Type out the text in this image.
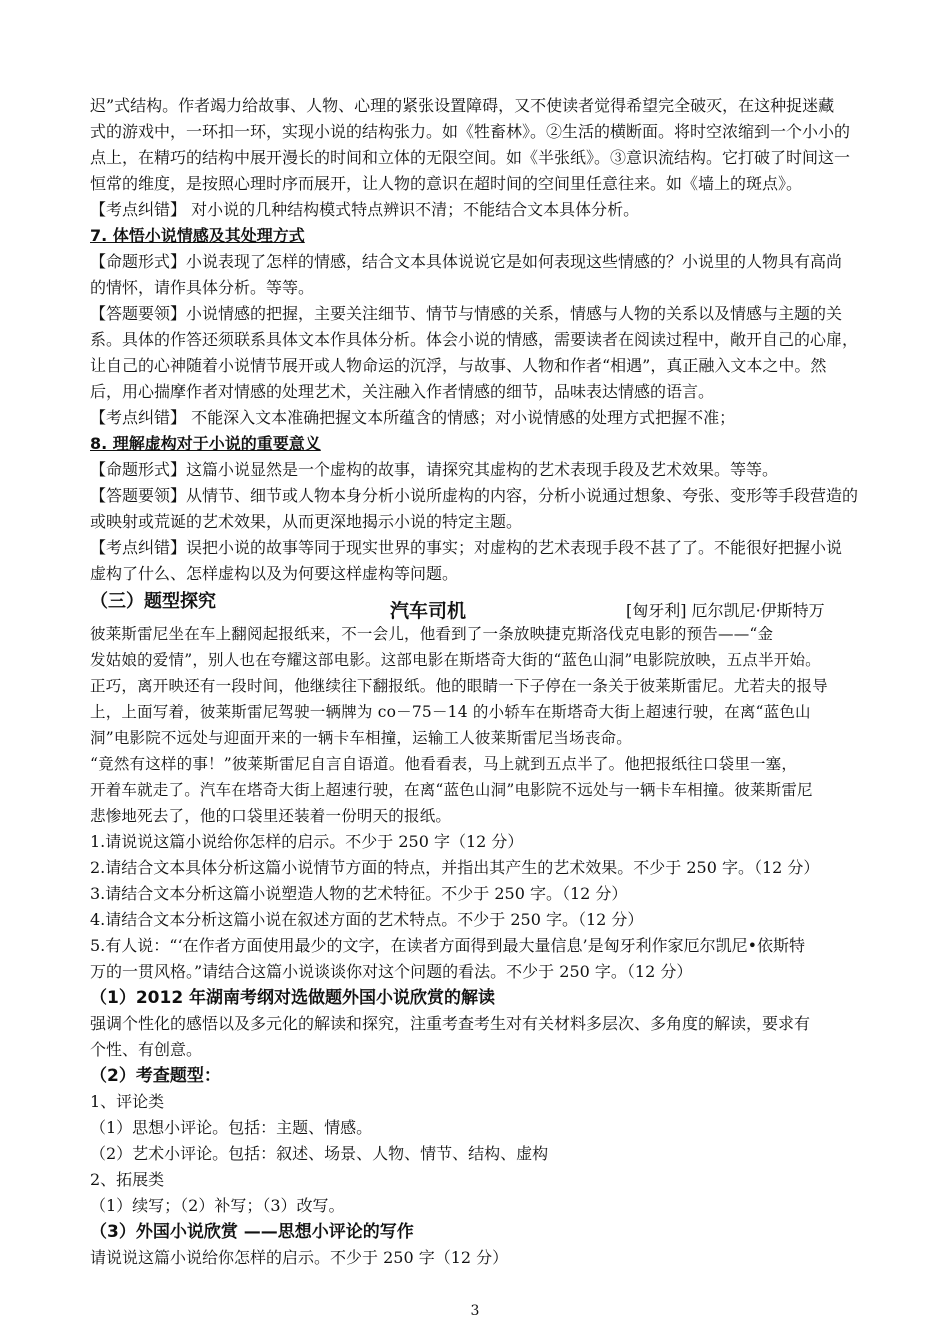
迟”式结构。作者竭力给故事、人物、心理的紧张设置障碍，又不使读者觉得希望完全破灭，在这种捉迷藏
式的游戏中，一环扣一环，实现小说的结构张力。如《牲畜林》。②生活的横断面。将时空浓缩到一个小小的
点上，在精巧的结构中展开漫长的时间和立体的无限空间。如《半张纸》。③意识流结构。它打破了时间这一
恒常的维度，是按照心理时序而展开，让人物的意识在超时间的空间里任意往来。如《墙上的斑点》。
【考点纠错】 对小说的几种结构模式特点辨识不清；不能结合文本具体分析。
7. 体悟小说情感及其处理方式
【命题形式】小说表现了怎样的情感，结合文本具体说说它是如何表现这些情感的？小说里的人物具有高尚
的情怀，请作具体分析。等等。
【答题要领】小说情感的把握，主要关注细节、情节与情感的关系，情感与人物的关系以及情感与主题的关
系。具体的作答还须联系具体文本作具体分析。体会小说的情感，需要读者在阅读过程中，敞开自己的心扉，
让自己的心神随着小说情节展开或人物命运的沉浮，与故事、人物和作者“相遇”，真正融入文本之中。然
后，用心揣摩作者对情感的处理艺术，关注融入作者情感的细节，品味表达情感的语言。
【考点纠错】 不能深入文本准确把握文本所蕴含的情感；对小说情感的处理方式把握不准；
8. 理解虚构对于小说的重要意义
【命题形式】这篇小说显然是一个虚构的故事，请探究其虚构的艺术表现手段及艺术效果。等等。
【答题要领】从情节、细节或人物本身分析小说所虚构的内容，分析小说通过想象、夸张、变形等手段营造的
或映射或荒诞的艺术效果，从而更深地揭示小说的特定主题。
【考点纠错】误把小说的故事等同于现实世界的事实；对虚构的艺术表现手段不甚了了。不能很好把握小说
虚构了什么、怎样虚构以及为何要这样虚构等问题。
（三）题型探究	汽车司机	[匈牙利] 厄尔凯尼·伊斯特万
彼莱斯雷尼坐在车上翻阅起报纸来，不一会儿，他看到了一条放映捷克斯洛伐克电影的预告——“金
发姑娘的爱情”，别人也在夸耀这部电影。这部电影在斯塔奇大街的“蓝色山洞”电影院放映，五点半开始。
正巧，离开映还有一段时间，他继续往下翻报纸。他的眼睛一下子停在一条关于彼莱斯雷尼。尤若夫的报导
上，上面写着，彼莱斯雷尼驾驶一辆牌为 co－75－14 的小轿车在斯塔奇大街上超速行驶，在离“蓝色山
洞”电影院不远处与迎面开来的一辆卡车相撞，运输工人彼莱斯雷尼当场丧命。
“竟然有这样的事！”彼莱斯雷尼自言自语道。他看看表，马上就到五点半了。他把报纸往口袋里一塞，
开着车就走了。汽车在塔奇大街上超速行驶，在离“蓝色山洞”电影院不远处与一辆卡车相撞。彼莱斯雷尼
悲惨地死去了，他的口袋里还装着一份明天的报纸。
1.请说说这篇小说给你怎样的启示。不少于 250 字（12 分）
2.请结合文本具体分析这篇小说情节方面的特点，并指出其产生的艺术效果。不少于 250 字。（12 分）
3.请结合文本分析这篇小说塑造人物的艺术特征。不少于 250 字。（12 分）
4.请结合文本分析这篇小说在叙述方面的艺术特点。不少于 250 字。（12 分）
5.有人说：“‘在作者方面使用最少的文字，在读者方面得到最大量信息’是匈牙利作家厄尔凯尼•依斯特
万的一贯风格。”请结合这篇小说谈谈你对这个问题的看法。不少于 250 字。（12 分）
（1）2012 年湖南考纲对选做题外国小说欣赏的解读
强调个性化的感悟以及多元化的解读和探究，注重考查考生对有关材料多层次、多角度的解读，要求有
个性、有创意。
（2）考查题型：
1、评论类
（1）思想小评论。包括：主题、情感。
（2）艺术小评论。包括：叙述、场景、人物、情节、结构、虚构
2、拓展类
（1）续写；（2）补写；（3）改写。
（3）外国小说欣赏 ——思想小评论的写作
请说说这篇小说给你怎样的启示。不少于 250 字（12 分）
3
